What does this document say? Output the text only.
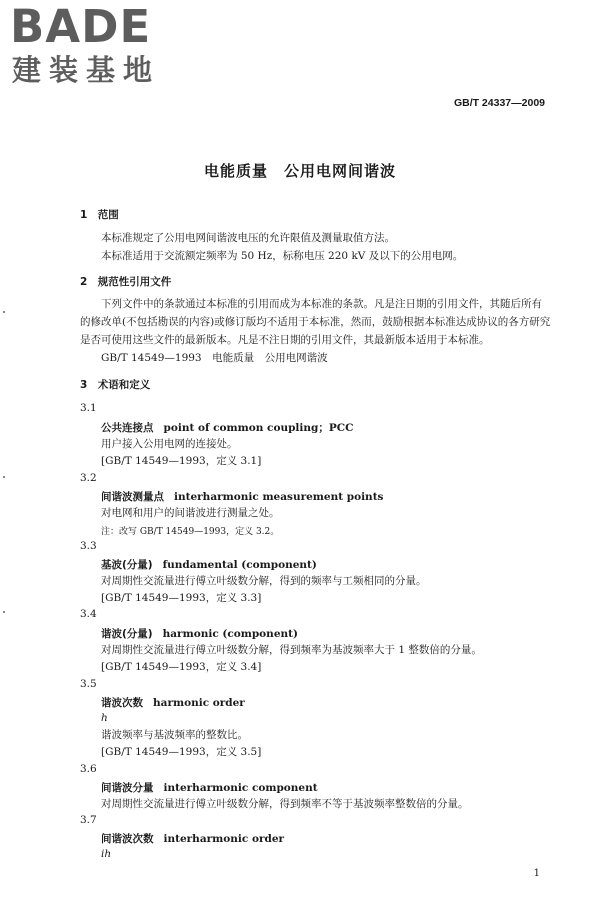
BADE
建装基地
GB/T 24337—2009
电能质量　公用电网间谐波
1　范围
本标准规定了公用电网间谐波电压的允许限值及测量取值方法。
本标准适用于交流额定频率为 50 Hz，标称电压 220 kV 及以下的公用电网。
2　规范性引用文件
下列文件中的条款通过本标准的引用而成为本标准的条款。凡是注日期的引用文件，其随后所有
的修改单(不包括勘误的内容)或修订版均不适用于本标准，然而，鼓励根据本标准达成协议的各方研究
是否可使用这些文件的最新版本。凡是不注日期的引用文件，其最新版本适用于本标准。
GB/T 14549—1993　电能质量　公用电网谐波
3　术语和定义
3.1
公共连接点 point of common coupling；PCC
用户接入公用电网的连接处。
[GB/T 14549—1993，定义 3.1]
3.2
间谐波测量点 interharmonic measurement points
对电网和用户的间谐波进行测量之处。
注：改写 GB/T 14549—1993，定义 3.2。
3.3
基波(分量) fundamental (component)
对周期性交流量进行傅立叶级数分解，得到的频率与工频相同的分量。
[GB/T 14549—1993，定义 3.3]
3.4
谐波(分量) harmonic (component)
对周期性交流量进行傅立叶级数分解，得到频率为基波频率大于 1 整数倍的分量。
[GB/T 14549—1993，定义 3.4]
3.5
谐波次数 harmonic order
h
谐波频率与基波频率的整数比。
[GB/T 14549—1993，定义 3.5]
3.6
间谐波分量 interharmonic component
对周期性交流量进行傅立叶级数分解，得到频率不等于基波频率整数倍的分量。
3.7
间谐波次数 interharmonic order
ih
1
